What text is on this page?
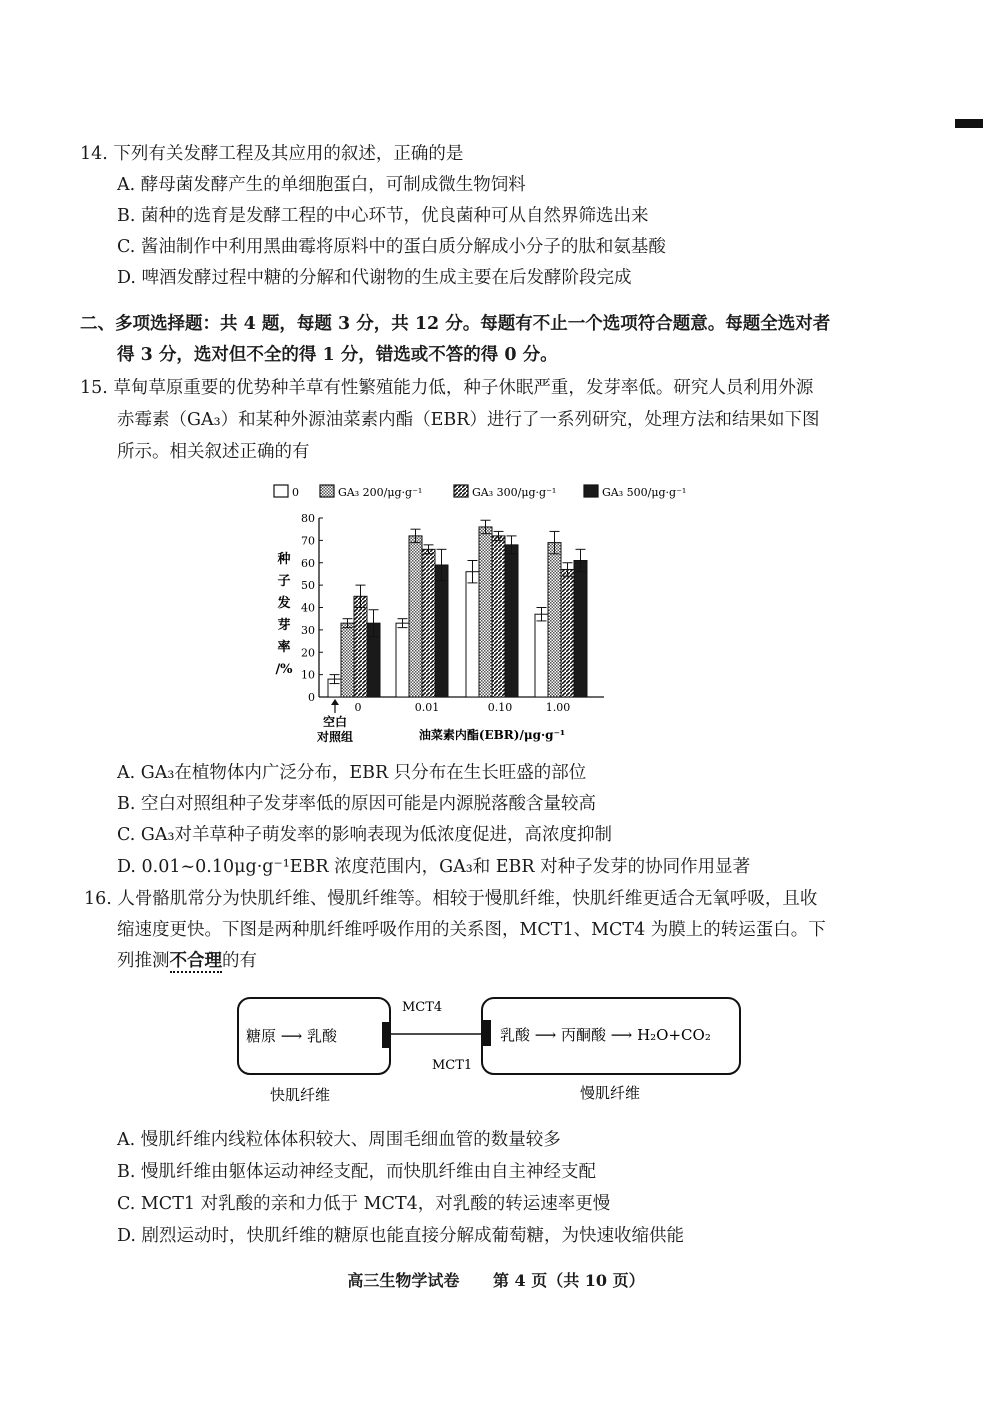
14. 下列有关发酵工程及其应用的叙述，正确的是
A. 酵母菌发酵产生的单细胞蛋白，可制成微生物饲料
B. 菌种的选育是发酵工程的中心环节，优良菌种可从自然界筛选出来
C. 酱油制作中利用黑曲霉将原料中的蛋白质分解成小分子的肽和氨基酸
D. 啤酒发酵过程中糖的分解和代谢物的生成主要在后发酵阶段完成
二、多项选择题：共 4 题，每题 3 分，共 12 分。每题有不止一个选项符合题意。每题全选对者
得 3 分，选对但不全的得 1 分，错选或不答的得 0 分。
15. 草甸草原重要的优势种羊草有性繁殖能力低，种子休眠严重，发芽率低。研究人员利用外源
赤霉素（GA₃）和某种外源油菜素内酯（EBR）进行了一系列研究，处理方法和结果如下图
所示。相关叙述正确的有
0	GA₃ 200/μg·g⁻¹	GA₃ 300/μg·g⁻¹	GA₃ 500/μg·g⁻¹
0
10
20
30
40
50
60
70
80
种
子
发
芽
率
/%
0	0.01	0.10	1.00
空白
对照组	油菜素内酯(EBR)/μg·g⁻¹
A. GA₃在植物体内广泛分布，EBR 只分布在生长旺盛的部位
B. 空白对照组种子发芽率低的原因可能是内源脱落酸含量较高
C. GA₃对羊草种子萌发率的影响表现为低浓度促进，高浓度抑制
D. 0.01~0.10μg·g⁻¹EBR 浓度范围内，GA₃和 EBR 对种子发芽的协同作用显著
16. 人骨骼肌常分为快肌纤维、慢肌纤维等。相较于慢肌纤维，快肌纤维更适合无氧呼吸，且收
缩速度更快。下图是两种肌纤维呼吸作用的关系图，MCT1、MCT4 为膜上的转运蛋白。下
列推测不合理的有
糖原 ⟶ 乳酸	乳酸 ⟶ 丙酮酸 ⟶ H₂O+CO₂
MCT4
MCT1
快肌纤维	慢肌纤维
A. 慢肌纤维内线粒体体积较大、周围毛细血管的数量较多
B. 慢肌纤维由躯体运动神经支配，而快肌纤维由自主神经支配
C. MCT1 对乳酸的亲和力低于 MCT4，对乳酸的转运速率更慢
D. 剧烈运动时，快肌纤维的糖原也能直接分解成葡萄糖，为快速收缩供能
高三生物学试卷 第 4 页（共 10 页）
